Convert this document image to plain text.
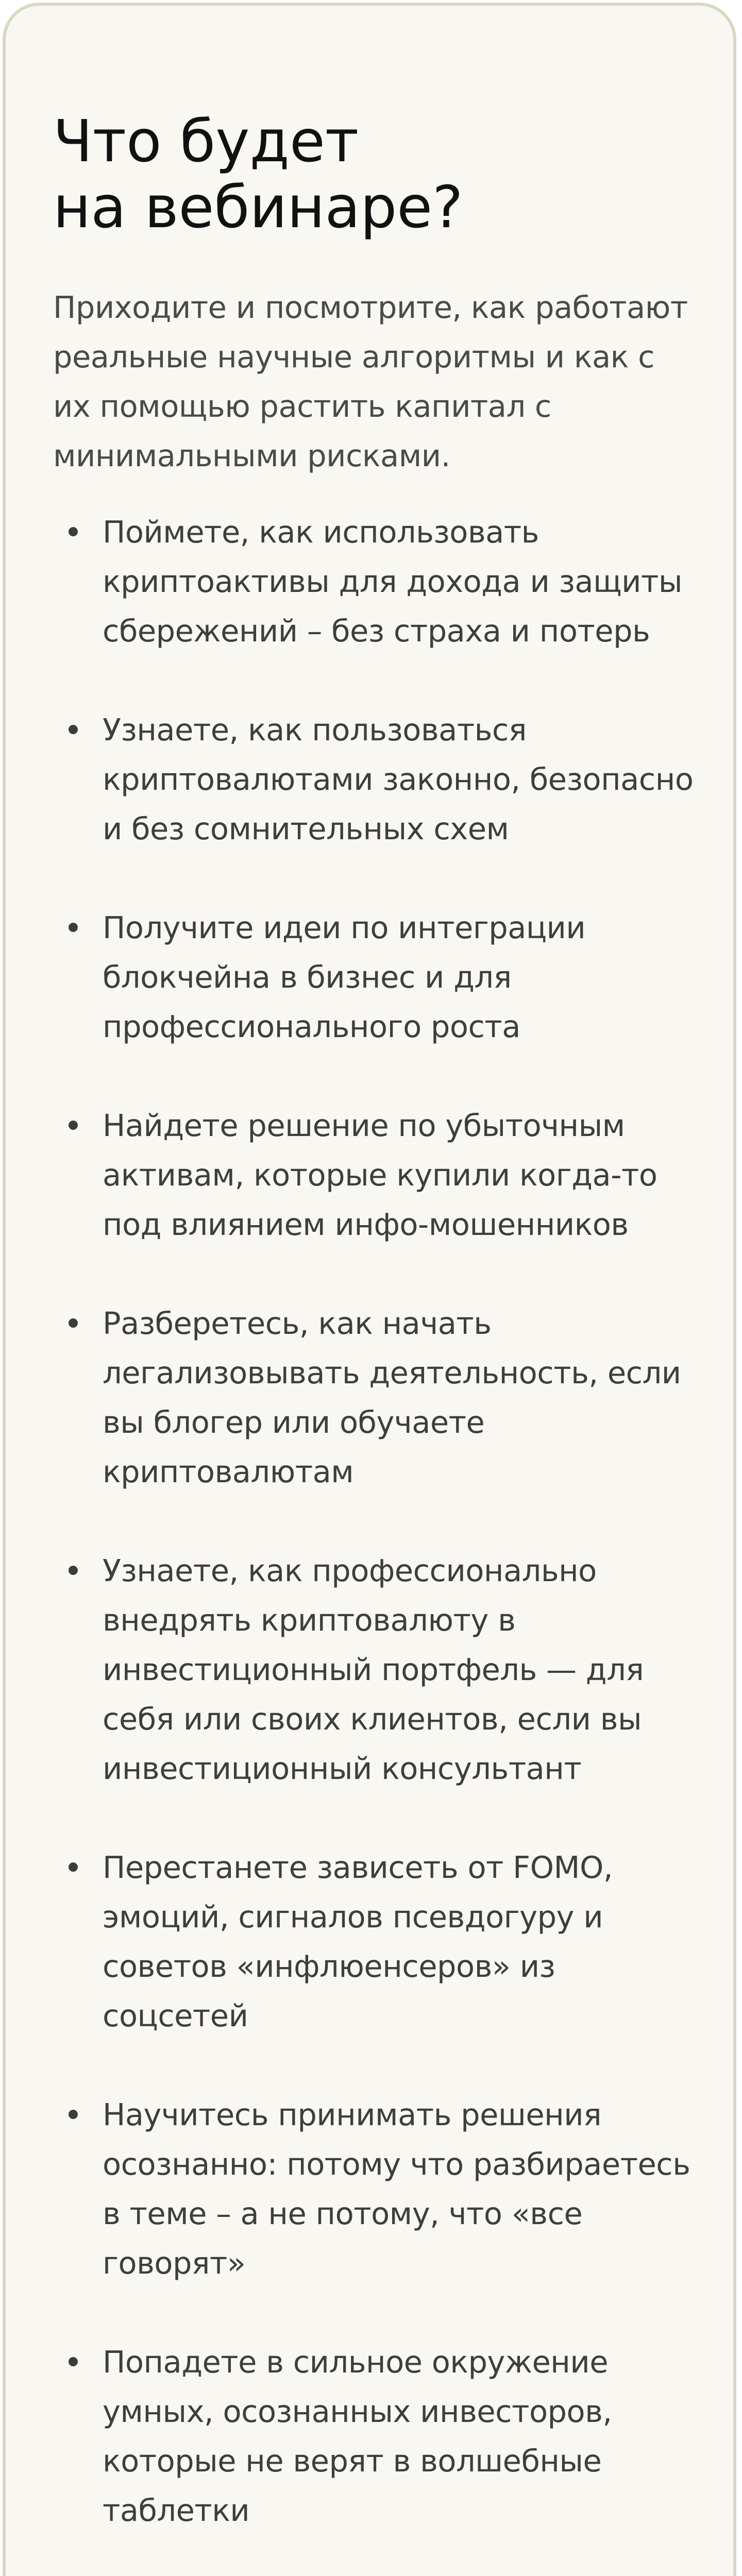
Что будет
на вебинаре?

Приходите и посмотрите, как работают
реальные научные алгоритмы и как с
их помощью растить капитал с
минимальными рисками.

Поймете, как использовать
криптоактивы для дохода и защиты
сбережений – без страха и потерь
Узнаете, как пользоваться
криптовалютами законно, безопасно
и без сомнительных схем
Получите идеи по интеграции
блокчейна в бизнес и для
профессионального роста
Найдете решение по убыточным
активам, которые купили когда-то
под влиянием инфо-мошенников
Разберетесь, как начать
легализовывать деятельность, если
вы блогер или обучаете
криптовалютам
Узнаете, как профессионально
внедрять криптовалюту в
инвестиционный портфель — для
себя или своих клиентов, если вы
инвестиционный консультант
Перестанете зависеть от FOMO,
эмоций, сигналов псевдогуру и
советов «инфлюенсеров» из
соцсетей
Научитесь принимать решения
осознанно: потому что разбираетесь
в теме – а не потому, что «все
говорят»
Попадете в сильное окружение
умных, осознанных инвесторов,
которые не верят в волшебные
таблетки
